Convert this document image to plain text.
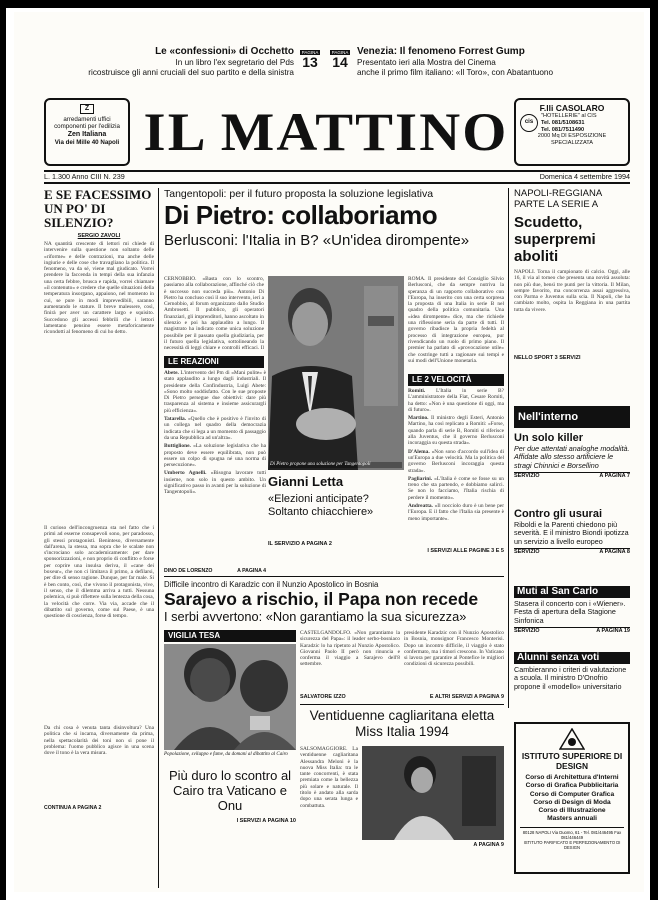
Le «confessioni» di Occhetto
In un libro l'ex segretario del Pds
ricostruisce gli anni cruciali del suo partito e della sinistra
PAGINA
13
PAGINA
14
Venezia: Il fenomeno Forrest Gump
Presentato ieri alla Mostra del Cinema
anche il primo film italiano: «Il Toro», con Abatantuono
Z
arredamenti uffici
componenti per l'edilizia
Zen Italiana
Via dei Mille 40 Napoli IL MATTINO	F.lli CASOLARO
cis
"HOTELLERIE" al CIS
Tel. 081/5108631
Tel. 081/7511490
2000 Mq DI ESPOSIZIONE
SPECIALIZZATA
L. 1.300 Anno CIII N. 239	Domenica 4 settembre 1994
E SE FACESSIMO UN PO' DI SILENZIO?
SERGIO ZAVOLI
NA quantità crescente di lettori mi chiede di intervenire sulla questione non soltanto delle «riforme» e delle contrazioni, ma anche delle ingiurie e delle cose che travagliano la politica. Il fenomeno, va da sé, viene mal giudicato. Vorrei prendere la faccenda in tempi della sua infanzia una certa febbre, brusca e rapida, vorrei chiamare «il contenuto» e credere che quelle situazioni della temperatura insorgano, appaiono, nel momento in cui, se pure in modi imprevedibili, saranno aumentando le stature. Il breve malessere, così, finirà per aver un carattere largo e squisito. Succedono gli accessi febbrili che i lettori lamentano pensino essere metaforicamente ricondotti al fenomeno di cui ho detto.
Il curioso dell'incongruenza sta nel fatto che i primi ad esserne consapevoli sono, per paradosso, gli stessi protagonisti. Beninteso, diversamente dall'arena, la stessa, ma sopra che le scalate non s'incrociano solo accademicamente: per dare sponsorizzazioni, e non proprio di conflitto e forse per coprire una insulsa deriva, il «cane dei boxeur», che non ci limitava il primo, a defilarsi, per dire di senso ragione. Dunque, per far male. Si è ben conto, così, che vivono il protagonista, vive, il senso, che il dilemma arriva a tutti. Nessuna polemica, si può riflettere sulla lentezza della cosa, la velocità che corre. Via via, accade che il dibattito sul governo, come sul Paese, è una questione di coscienza, forse di tempo.
Da chi cosa è venuta tanta disinvoltura? Una politica che si incarna, diversamente da prima, nella spettacolarità dei toni non si pone il problema: l'uomo pubblico agisce in una scena dove il tono è la vera misura.
CONTINUA A PAGINA 2
Tangentopoli: per il futuro proposta la soluzione legislativa
Di Pietro: collaboriamo
Berlusconi: l'Italia in B? «Un'idea dirompente»
CERNOBBIO. «Basta con lo scontro, passiamo alla collaborazione, affinché ciò che è successo non succeda più». Antonio Di Pietro ha concluso così il suo intervento, ieri a Cernobbio, al forum organizzato dallo Studio Ambrosetti. Il pubblico, gli operatori finanziari, gli imprenditori, hanno ascoltato in silenzio e poi ha applaudito a lungo. Il magistrato ha indicato come unica soluzione possibile per il passato quella giudiziaria, per il futuro quella legislativa, sottolineando la necessità di leggi chiare e controlli efficaci. Il
Di Pietro propone una soluzione per Tangentopoli
ROMA. Il presidente del Consiglio Silvio Berlusconi, che da sempre nutriva la speranza di un rapporto collaborativo con l'Europa, ha inserito con una certa sorpresa la proposta di una Italia in serie B nel quadro della politica comunitaria. Una «idea dirompente» dice, ma che richiede una riflessione seria da parte di tutti. Il governo ribadisce la propria fedeltà al processo di integrazione europea, pur rivendicando un ruolo di primo piano. Il premier ha parlato di «provocazione utile» che costringe tutti a ragionare sui tempi e sui modi dell'Unione monetaria.
LE REAZIONI
Abete. L'intervento del Pm di «Mani pulite» è stato applaudito a lungo dagli industriali. Il presidente della Confindustria, Luigi Abete: «Sono molto soddisfatto. Con le sue proposte Di Pietro persegue due obiettivi: dare più trasparenza al sistema e insieme assicurargli più efficienza».
Tatarella. «Quello che è positivo è l'invito di un collega nel quadro della democrazia indicata che si lega a un momento di passaggio da una Repubblica ad un'altra».
Buttiglione. «La soluzione legislativa che ha proposto deve essere equilibrata, non può essere un colpo di spugna né una norma di persecuzione».
Umberto Agnelli. «Bisogna lavorare tutti insieme, non solo in questo ambito. Un significativo passo in avanti per la soluzione di Tangentopoli».
DINO DE LORENZO	A PAGINA 4
Gianni Letta
«Elezioni anticipate? Soltanto chiacchiere»
IL SERVIZIO A PAGINA 2
LE 2 VELOCITÀ
Romiti. L'Italia in serie B? L'amministratore della Fiat, Cesare Romiti, ha detto: «Non è una questione di oggi, ma di futuro».
Martino. Il ministro degli Esteri, Antonio Martino, ha così replicato a Romiti: «Forse, quando parla di serie B, Romiti si riferisce alla Juventus, che il governo Berlusconi incoraggia su questa strada».
D'Alema. «Non sono d'accordo sull'idea di un'Europa a due velocità. Ma la politica del governo Berlusconi incoraggia questa strada».
Pagliarini. «L'Italia è come se fosse su un treno che sta partendo, e dobbiamo salirci. Se non lo facciamo, l'Italia rischia di perdere il momento».
Andreatta. «Il nocciolo duro è un bene per l'Europa. E il fatto che l'Italia sia presente è meno importante».
I SERVIZI ALLE PAGINE 3 E 5
NAPOLI-REGGIANA PARTE LA SERIE A
Scudetto, superpremi aboliti
NAPOLI. Torna il campionato di calcio. Oggi, alle 16, il via al torneo che presenta una novità assoluta: non più due, bensì tre punti per la vittoria. Il Milan, sempre favorito, ma concorrenza assai aggressiva, con Parma e Juventus sulla scia. Il Napoli, che ha cambiato molto, ospita la Reggiana in una partita tutta da vivere.
NELLO SPORT 3 SERVIZI
Nell'interno
Un solo killer
Per due attentati analoghe modalità. Affidate allo stesso artificiere le stragi Chinnici e Borsellino
SERVIZIO	A PAGINA 7
Contro gli usurai
Riboldi e la Parenti chiedono più severità. E il ministro Biondi ipotizza un servizio a livello europeo
SERVIZIO	A PAGINA 8
Muti al San Carlo
Stasera il concerto con i «Wiener». Festa di apertura della Stagione Sinfonica
SERVIZIO	A PAGINA 19
Alunni senza voti
Cambieranno i criteri di valutazione a scuola. Il ministro D'Onofrio propone il «modello» universitario
Difficile incontro di Karadzic con il Nunzio Apostolico in Bosnia
Sarajevo a rischio, il Papa non recede
I serbi avvertono: «Non garantiamo la sua sicurezza»
VIGILIA TESA
Popolazione, sviluppo e fame, da domani al dibattito al Cairo
Più duro lo scontro al Cairo tra Vaticano e Onu
I SERVIZI A PAGINA 10
CASTELGANDOLFO. «Non garantiamo la sicurezza del Papa»: il leader serbo-bosniaco Karadzic lo ha ripetuto al Nunzio Apostolico. Giovanni Paolo II però non rinuncia e conferma il viaggio a Sarajevo dell'8 settembre.
presidente Karadzic con il Nunzio Apostolico in Bosnia, monsignor Francesco Monterisi. Dopo un incontro difficile, il viaggio è stato confermato, ma i timori crescono. In Vaticano si lavora per garantire al Pontefice le migliori condizioni di sicurezza possibili.
SALVATORE IZZO	E ALTRI SERVIZI A PAGINA 9
Ventiduenne cagliaritana eletta Miss Italia 1994
SALSOMAGGIORE. La ventiduenne cagliaritana Alessandra Meloni è la nuova Miss Italia: tra le tante concorrenti, è stata premiata come la bellezza più solare e naturale. Il titolo è andato alla sarda dopo una serata lunga e combattuta.
A PAGINA 9
ISTITUTO SUPERIORE DI DESIGN
Corso di Architettura d'Interni
Corso di Grafica Pubblicitaria
Corso di Computer Grafica
Corso di Design di Moda
Corso di Illustrazione
Masters annuali
80128 NAPOLI Via Duomo, 61 - Tel. 081/446495 Fax 081/446449
ISTITUTO PARIFICATO E PERFEZIONAMENTO DI DESIGN
